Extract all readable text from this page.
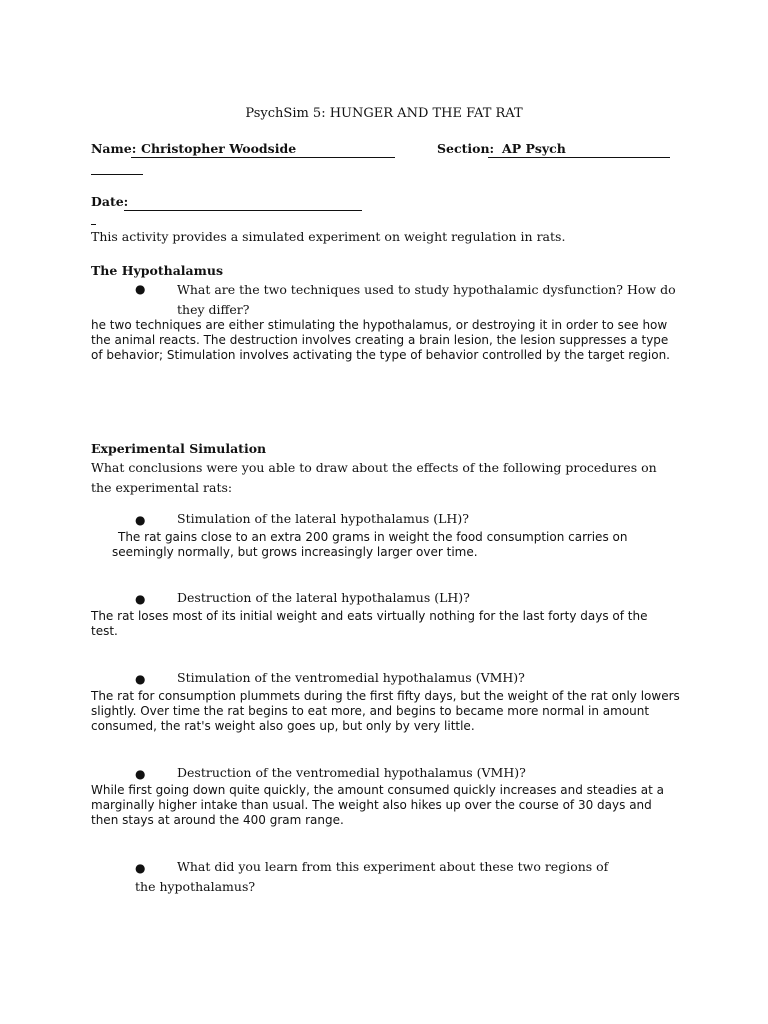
PsychSim 5: HUNGER AND THE FAT RAT
Name: Christopher Woodside	Section: AP Psych
Date:
This activity provides a simulated experiment on weight regulation in rats.
The Hypothalamus
●	What are the two techniques used to study hypothalamic dysfunction? How do they differ?
he two techniques are either stimulating the hypothalamus, or destroying it in order to see how the animal reacts. The destruction involves creating a brain lesion, the lesion suppresses a type of behavior; Stimulation involves activating the type of behavior controlled by the target region.
Experimental Simulation
What conclusions were you able to draw about the effects of the following procedures on the experimental rats:
●	Stimulation of the lateral hypothalamus (LH)?
The rat gains close to an extra 200 grams in weight the food consumption carries on seemingly normally, but grows increasingly larger over time.
●	Destruction of the lateral hypothalamus (LH)?
The rat loses most of its initial weight and eats virtually nothing for the last forty days of the test.
●	Stimulation of the ventromedial hypothalamus (VMH)?
The rat for consumption plummets during the first fifty days, but the weight of the rat only lowers slightly. Over time the rat begins to eat more, and begins to became more normal in amount consumed, the rat's weight also goes up, but only by very little.
●	Destruction of the ventromedial hypothalamus (VMH)?
While first going down quite quickly, the amount consumed quickly increases and steadies at a marginally higher intake than usual. The weight also hikes up over the course of 30 days and then stays at around the 400 gram range.
●	What did you learn from this experiment about these two regions of the hypothalamus?
